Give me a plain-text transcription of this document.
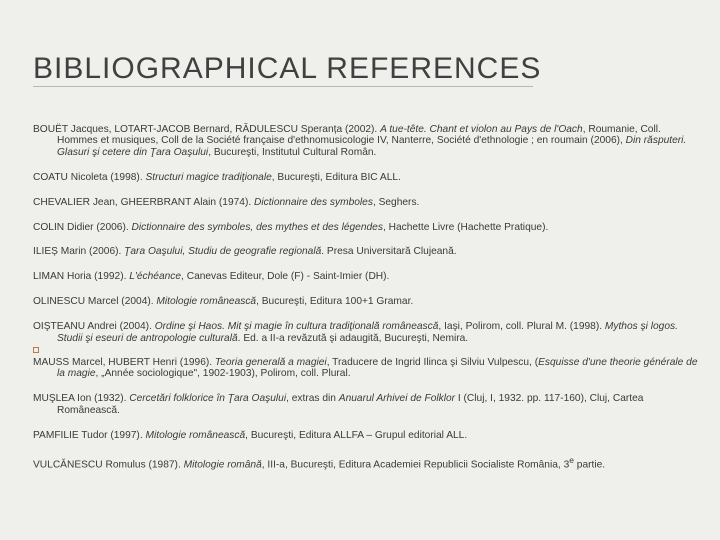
BIBLIOGRAPHICAL REFERENCES

BOUËT Jacques, LOTART-JACOB Bernard, RĂDULESCU Speranța (2002). A tue-tête. Chant et violon au Pays de l'Oach, Roumanie, Coll. Hommes et musiques, Coll de la Société française d'ethnomusicologie IV, Nanterre, Société d'ethnologie ; en roumain (2006), Din răsputeri. Glasuri şi cetere din Ţara Oaşului, Bucureşti, Institutul Cultural Român.

COATU Nicoleta (1998). Structuri magice tradiţionale, Bucureşti, Editura BIC ALL.

CHEVALIER Jean, GHEERBRANT Alain (1974). Dictionnaire des symboles, Seghers.

COLIN Didier (2006). Dictionnaire des symboles, des mythes et des légendes, Hachette Livre (Hachette Pratique).

ILIEȘ Marin (2006). Ţara Oaşului, Studiu de geografie regională. Presa Universitară Clujeană.

LIMAN Horia (1992). L'échéance, Canevas Editeur, Dole (F) - Saint-Imier (DH).

OLINESCU Marcel (2004). Mitologie românească, Bucureşti, Editura 100+1 Gramar.

OIŞTEANU Andrei (2004). Ordine şi Haos. Mit şi magie în cultura tradiţională românească, Iaşi, Polirom, coll. Plural M. (1998). Mythos şi logos. Studii şi eseuri de antropologie culturală. Ed. a II-a revăzută şi adaugită, Bucureşti, Nemira.

MAUSS Marcel, HUBERT Henri (1996). Teoria generală a magiei, Traducere de Ingrid Ilinca şi Silviu Vulpescu, (Esquisse d'une theorie générale de la magie, „Année sociologique", 1902-1903), Polirom, coll. Plural.

MUŞLEA Ion (1932). Cercetări folklorice în Ţara Oaşului, extras din Anuarul Arhivei de Folklor I (Cluj, I, 1932. pp. 117-160), Cluj, Cartea Românească.

PAMFILIE Tudor (1997). Mitologie românească, Bucureşti, Editura ALLFA – Grupul editorial ALL.

VULCĂNESCU Romulus (1987). Mitologie română, III-a, Bucureşti, Editura Academiei Republicii Socialiste România, 3e partie.
